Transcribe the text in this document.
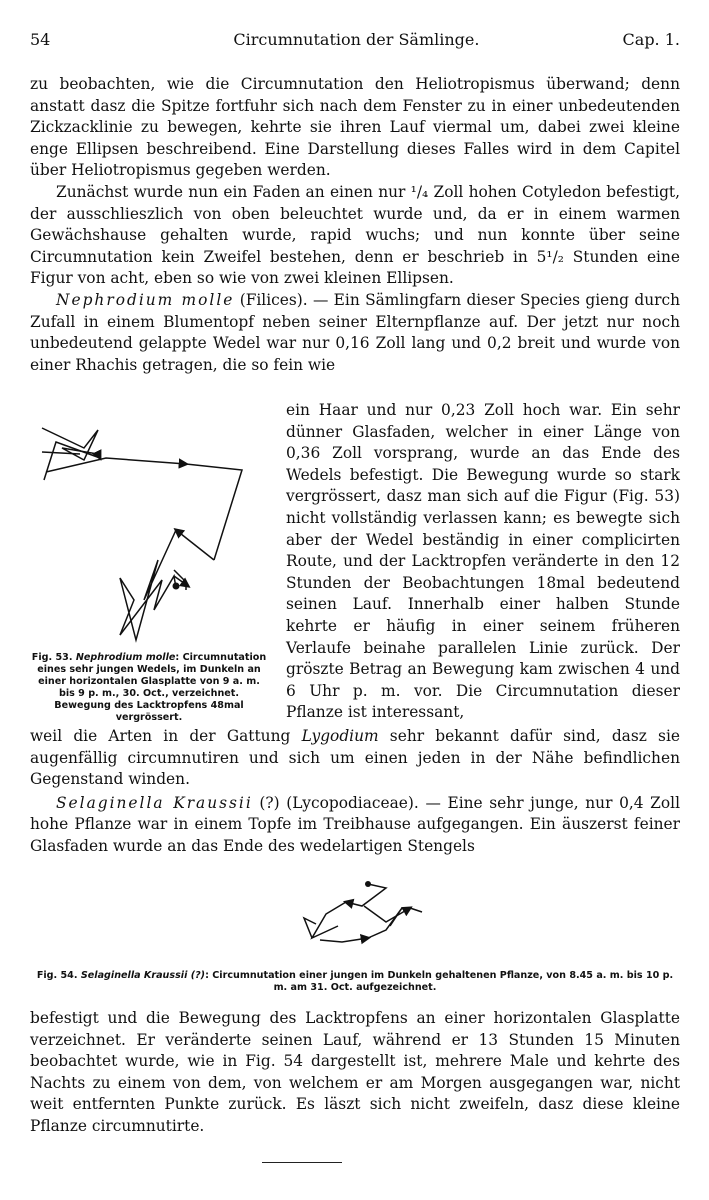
54	Circumnutation der Sämlinge.	Cap. 1.

zu beobachten, wie die Circumnutation den Heliotropismus überwand; denn anstatt dasz die Spitze fortfuhr sich nach dem Fenster zu in einer unbedeutenden Zickzacklinie zu bewegen, kehrte sie ihren Lauf viermal um, dabei zwei kleine enge Ellipsen beschreibend. Eine Darstellung dieses Falles wird in dem Capitel über Heliotropismus gegeben werden.

Zunächst wurde nun ein Faden an einen nur ¹/₄ Zoll hohen Cotyledon befestigt, der ausschlieszlich von oben beleuchtet wurde und, da er in einem warmen Gewächshause gehalten wurde, rapid wuchs; und nun konnte über seine Circumnutation kein Zweifel bestehen, denn er beschrieb in 5¹/₂ Stunden eine Figur von acht, eben so wie von zwei kleinen Ellipsen.

Nephrodium molle (Filices). — Ein Sämlingfarn dieser Species gieng durch Zufall in einem Blumentopf neben seiner Elternpflanze auf. Der jetzt nur noch unbedeutend gelappte Wedel war nur 0,16 Zoll lang und 0,2 breit und wurde von einer Rhachis getragen, die so fein wie

Fig. 53. Nephrodium molle: Circumnutation eines sehr jungen Wedels, im Dunkeln an einer horizontalen Glasplatte von 9 a. m. bis 9 p. m., 30. Oct., verzeichnet. Bewegung des Lacktropfens 48mal vergrössert.

ein Haar und nur 0,23 Zoll hoch war. Ein sehr dünner Glasfaden, welcher in einer Länge von 0,36 Zoll vorsprang, wurde an das Ende des Wedels befestigt. Die Bewegung wurde so stark vergrössert, dasz man sich auf die Figur (Fig. 53) nicht vollständig verlassen kann; es bewegte sich aber der Wedel beständig in einer complicirten Route, und der Lacktropfen veränderte in den 12 Stunden der Beobachtungen 18mal bedeutend seinen Lauf. Innerhalb einer halben Stunde kehrte er häufig in einer seinem früheren Verlaufe beinahe parallelen Linie zurück. Der gröszte Betrag an Bewegung kam zwischen 4 und 6 Uhr p. m. vor. Die Circumnutation dieser Pflanze ist interessant,

weil die Arten in der Gattung Lygodium sehr bekannt dafür sind, dasz sie augenfällig circumnutiren und sich um einen jeden in der Nähe befindlichen Gegenstand winden.

Selaginella Kraussii (?) (Lycopodiaceae). — Eine sehr junge, nur 0,4 Zoll hohe Pflanze war in einem Topfe im Treibhause aufgegangen. Ein äuszerst feiner Glasfaden wurde an das Ende des wedelartigen Stengels

Fig. 54. Selaginella Kraussii (?): Circumnutation einer jungen im Dunkeln gehaltenen Pflanze, von 8.45 a. m. bis 10 p. m. am 31. Oct. aufgezeichnet.

befestigt und die Bewegung des Lacktropfens an einer horizontalen Glasplatte verzeichnet. Er veränderte seinen Lauf, während er 13 Stunden 15 Minuten beobachtet wurde, wie in Fig. 54 dargestellt ist, mehrere Male und kehrte des Nachts zu einem von dem, von welchem er am Morgen ausgegangen war, nicht weit entfernten Punkte zurück. Es läszt sich nicht zweifeln, dasz diese kleine Pflanze circumnutirte.
